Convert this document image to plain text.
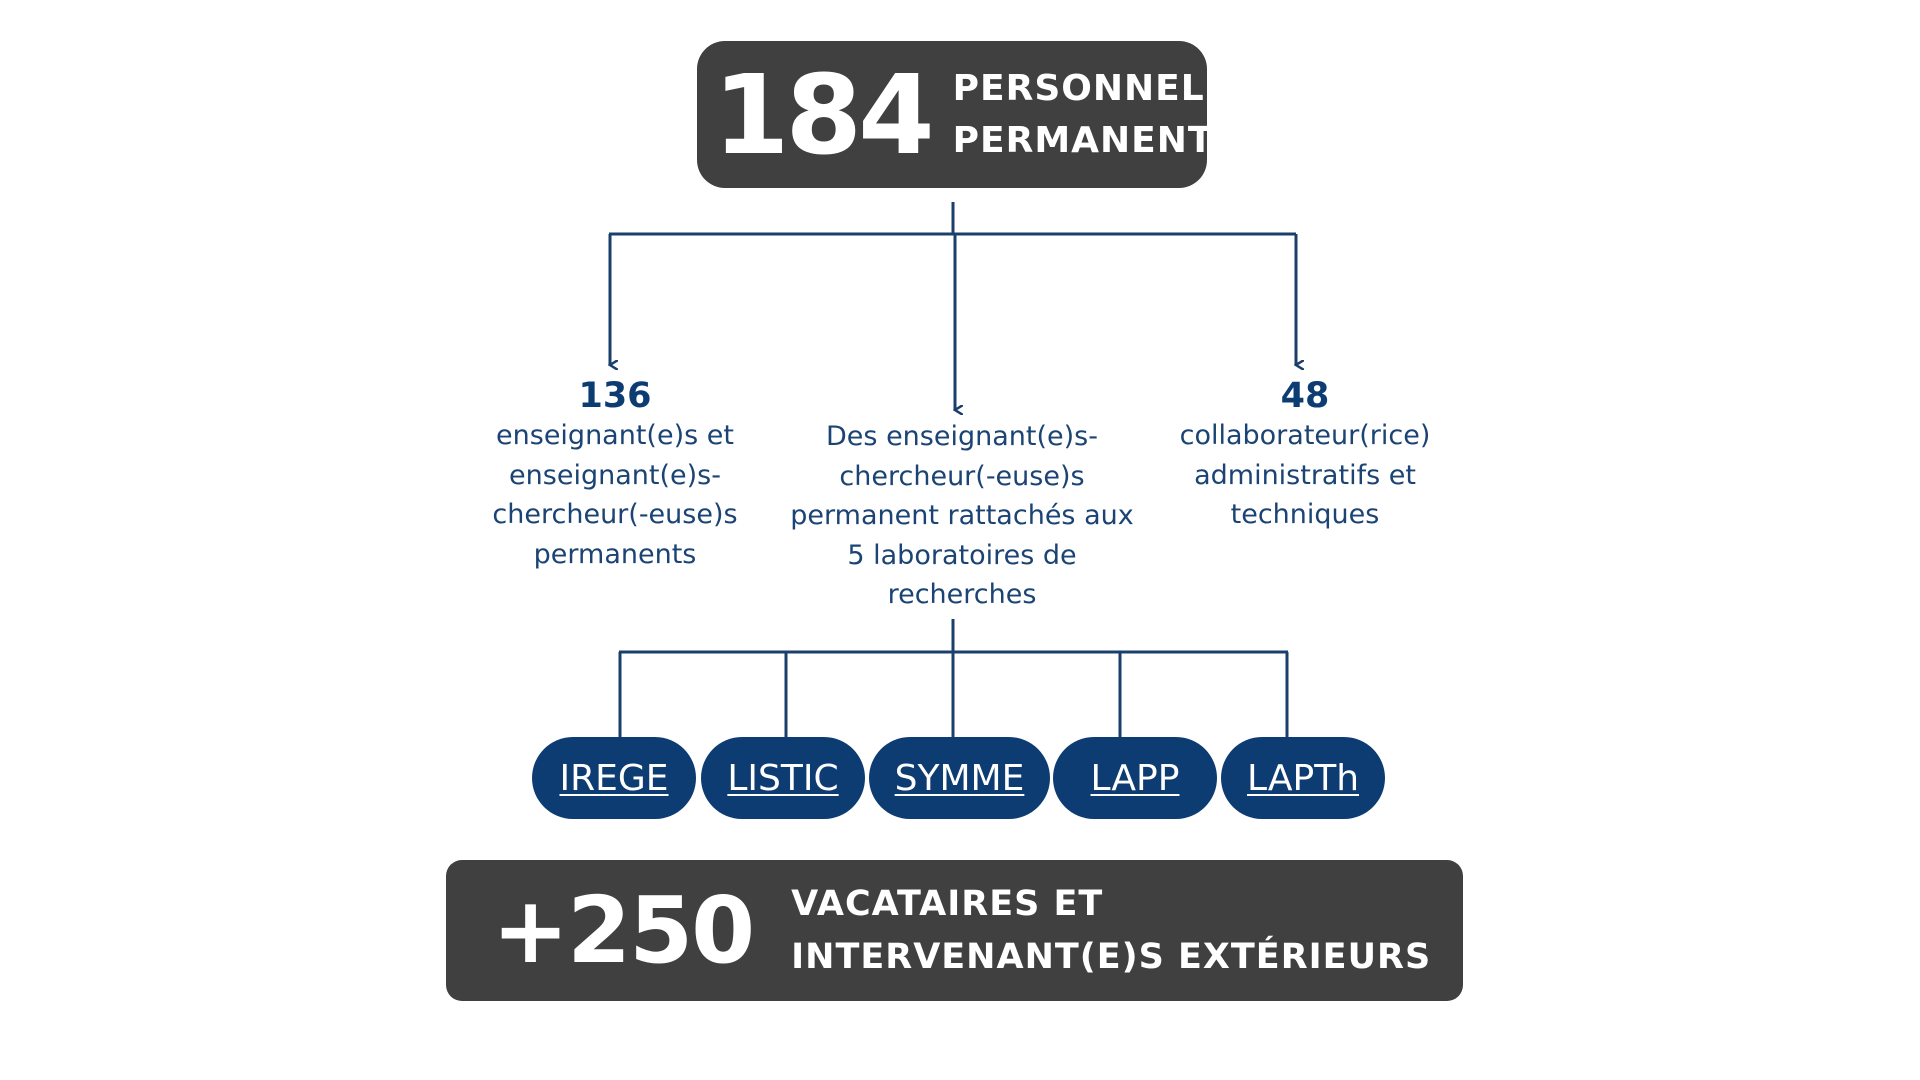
184 PERSONNELS
PERMANENTS
136
enseignant(e)s et
enseignant(e)s-
chercheur(-euse)s
permanents
Des enseignant(e)s-
chercheur(-euse)s
permanent rattachés aux
5 laboratoires de
recherches
48
collaborateur(rice)
administratifs et
techniques
IREGE	LISTIC	SYMME	LAPP	LAPTh
+250 VACATAIRES ET
INTERVENANT(E)S EXTÉRIEURS
